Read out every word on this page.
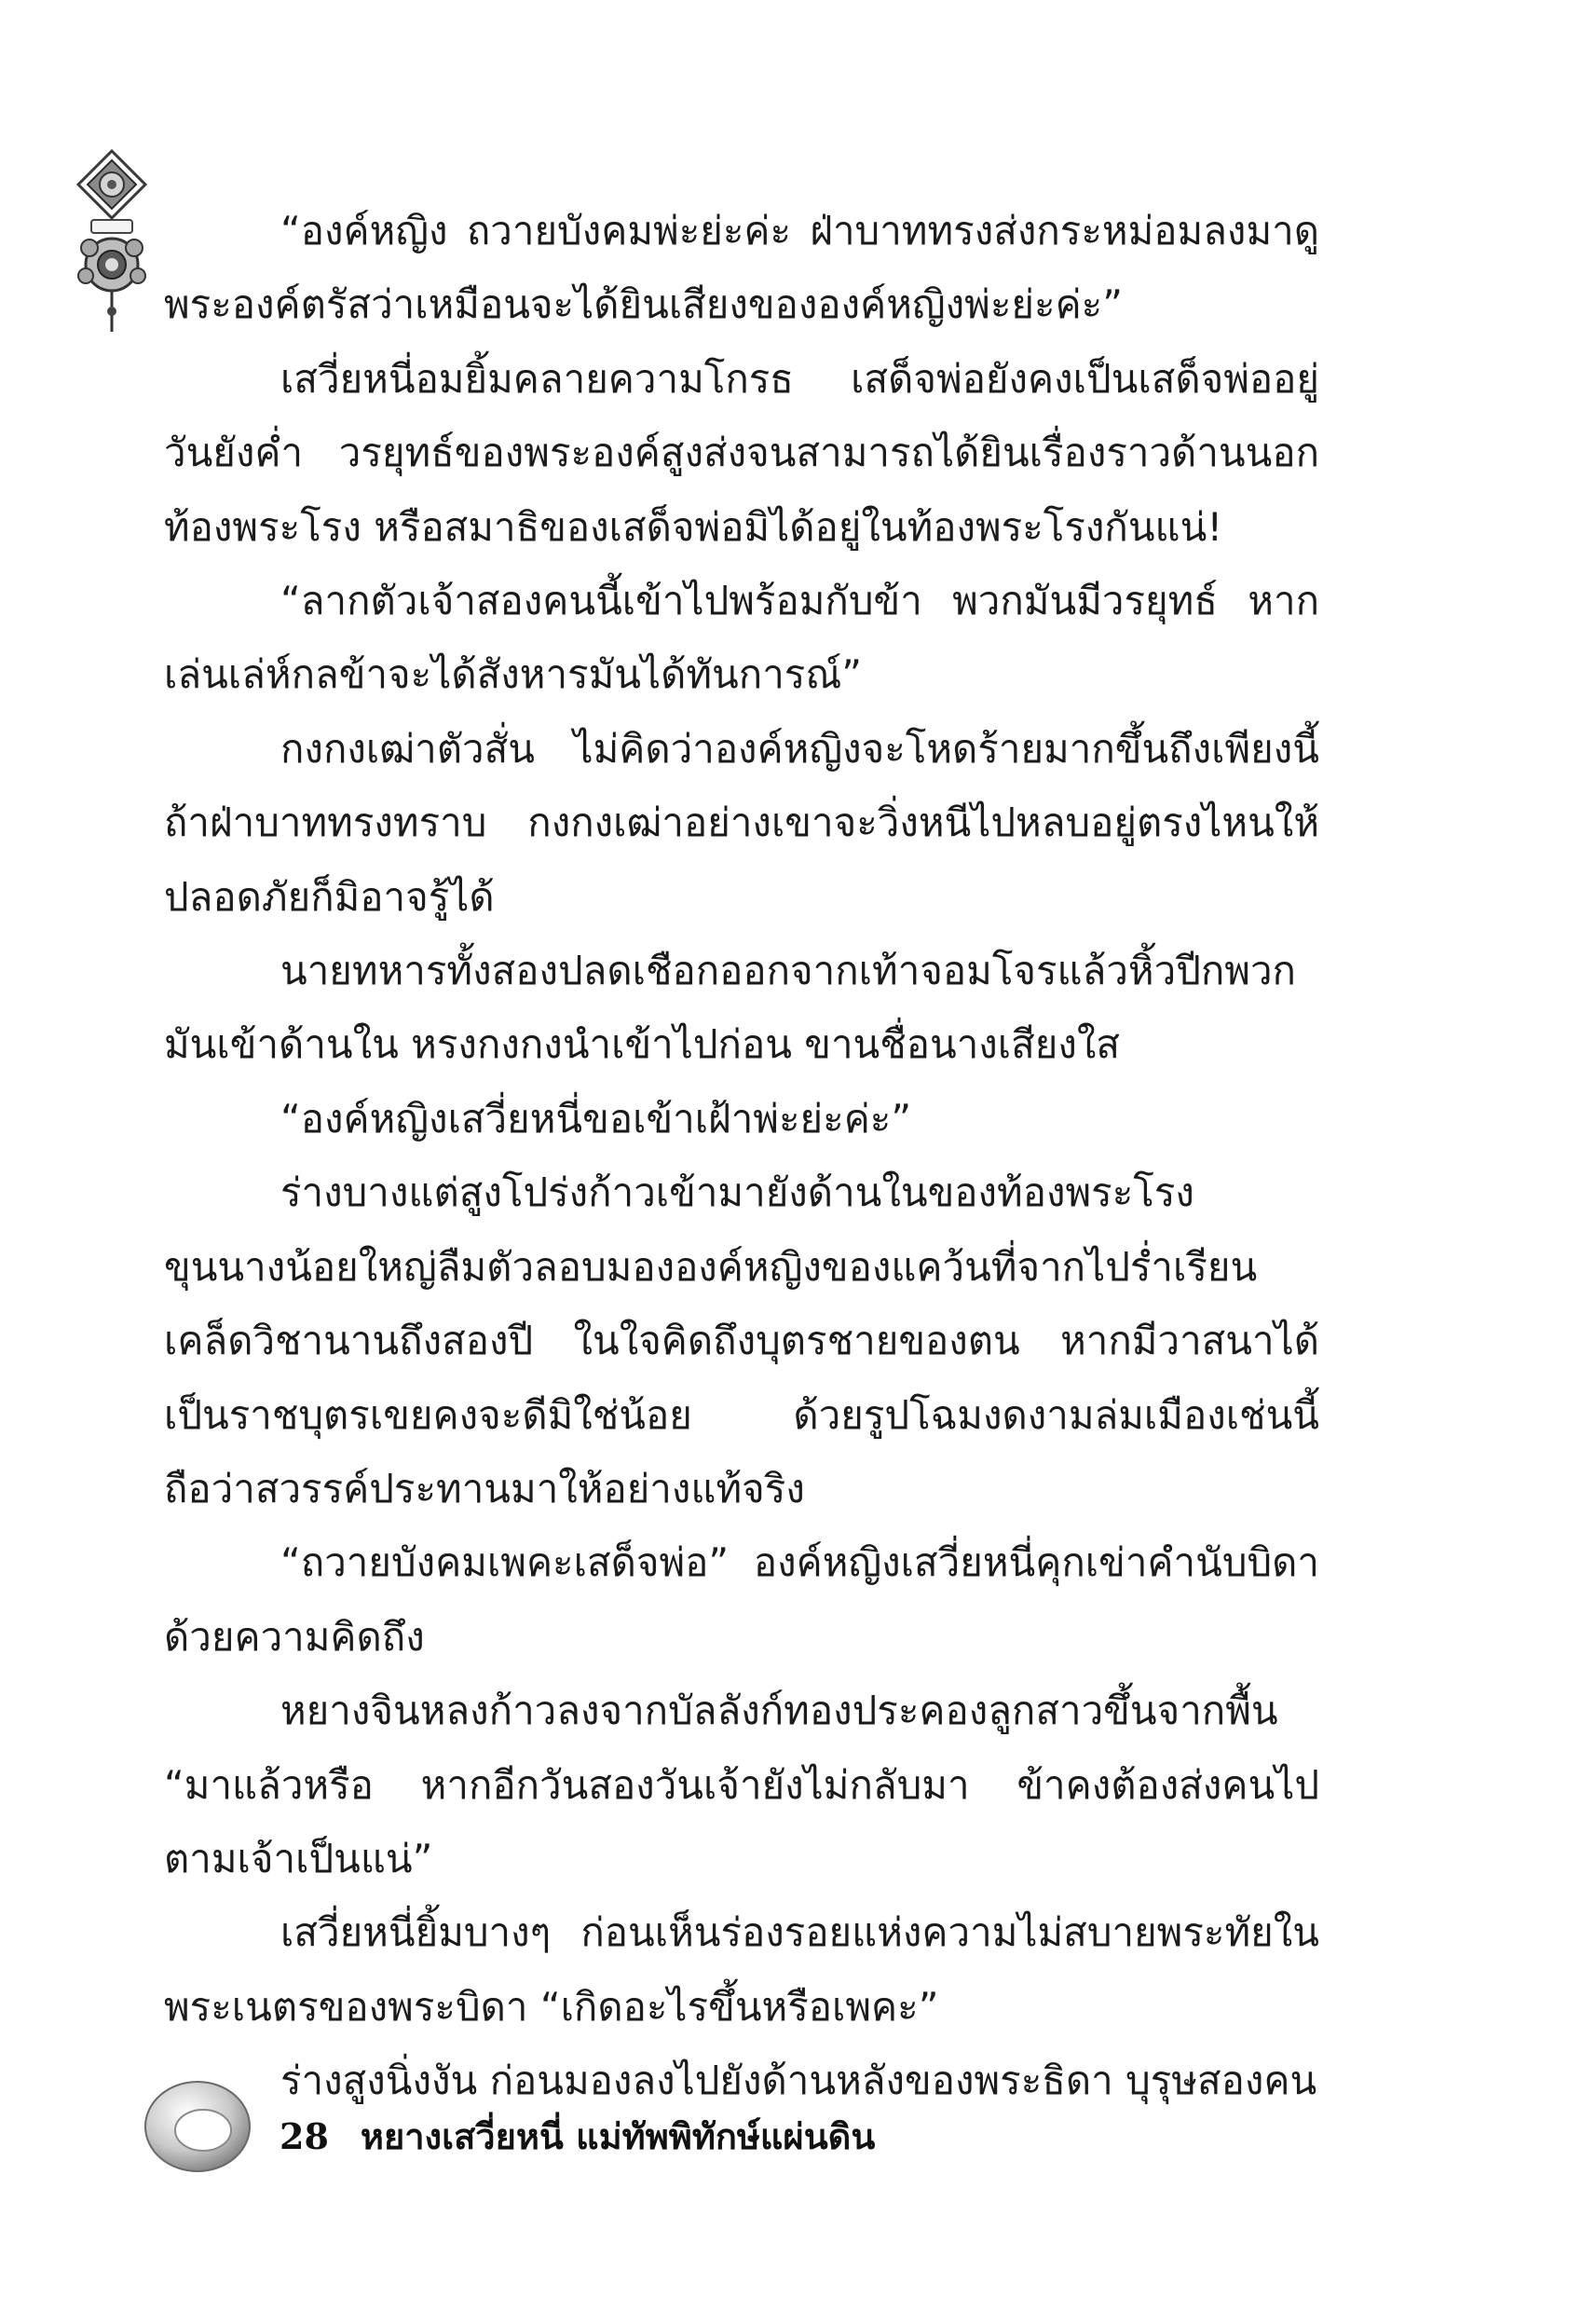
“องค์หญิง ถวายบังคมพ่ะย่ะค่ะ ฝ่าบาททรงส่งกระหม่อมลงมาดูพระองค์ตรัสว่าเหมือนจะได้ยินเสียงขององค์หญิงพ่ะย่ะค่ะ”

เสวี่ยหนี่อมยิ้มคลายความโกรธ เสด็จพ่อยังคงเป็นเสด็จพ่ออยู่วันยังค่ำ วรยุทธ์ของพระองค์สูงส่งจนสามารถได้ยินเรื่องราวด้านนอกท้องพระโรง หรือสมาธิของเสด็จพ่อมิได้อยู่ในท้องพระโรงกันแน่!

“ลากตัวเจ้าสองคนนี้เข้าไปพร้อมกับข้า พวกมันมีวรยุทธ์ หากเล่นเล่ห์กลข้าจะได้สังหารมันได้ทันการณ์”

กงกงเฒ่าตัวสั่น ไม่คิดว่าองค์หญิงจะโหดร้ายมากขึ้นถึงเพียงนี้ ถ้าฝ่าบาททรงทราบ กงกงเฒ่าอย่างเขาจะวิ่งหนีไปหลบอยู่ตรงไหนให้ปลอดภัยก็มิอาจรู้ได้

นายทหารทั้งสองปลดเชือกออกจากเท้าจอมโจรแล้วหิ้วปีกพวกมันเข้าด้านใน หรงกงกงนำเข้าไปก่อน ขานชื่อนางเสียงใส

“องค์หญิงเสวี่ยหนี่ขอเข้าเฝ้าพ่ะย่ะค่ะ”

ร่างบางแต่สูงโปร่งก้าวเข้ามายังด้านในของท้องพระโรง ขุนนางน้อยใหญ่ลืมตัวลอบมององค์หญิงของแคว้นที่จากไปร่ำเรียนเคล็ดวิชานานถึงสองปี ในใจคิดถึงบุตรชายของตน หากมีวาสนาได้เป็นราชบุตรเขยคงจะดีมิใช่น้อย ด้วยรูปโฉมงดงามล่มเมืองเช่นนี้ถือว่าสวรรค์ประทานมาให้อย่างแท้จริง

“ถวายบังคมเพคะเสด็จพ่อ” องค์หญิงเสวี่ยหนี่คุกเข่าคำนับบิดาด้วยความคิดถึง

หยางจินหลงก้าวลงจากบัลลังก์ทองประคองลูกสาวขึ้นจากพื้น

“มาแล้วหรือ หากอีกวันสองวันเจ้ายังไม่กลับมา ข้าคงต้องส่งคนไปตามเจ้าเป็นแน่”

เสวี่ยหนี่ยิ้มบางๆ ก่อนเห็นร่องรอยแห่งความไม่สบายพระทัยในพระเนตรของพระบิดา “เกิดอะไรขึ้นหรือเพคะ”

ร่างสูงนิ่งงัน ก่อนมองลงไปยังด้านหลังของพระธิดา บุรุษสองคน

28 หยางเสวี่ยหนี่ แม่ทัพพิทักษ์แผ่นดิน
